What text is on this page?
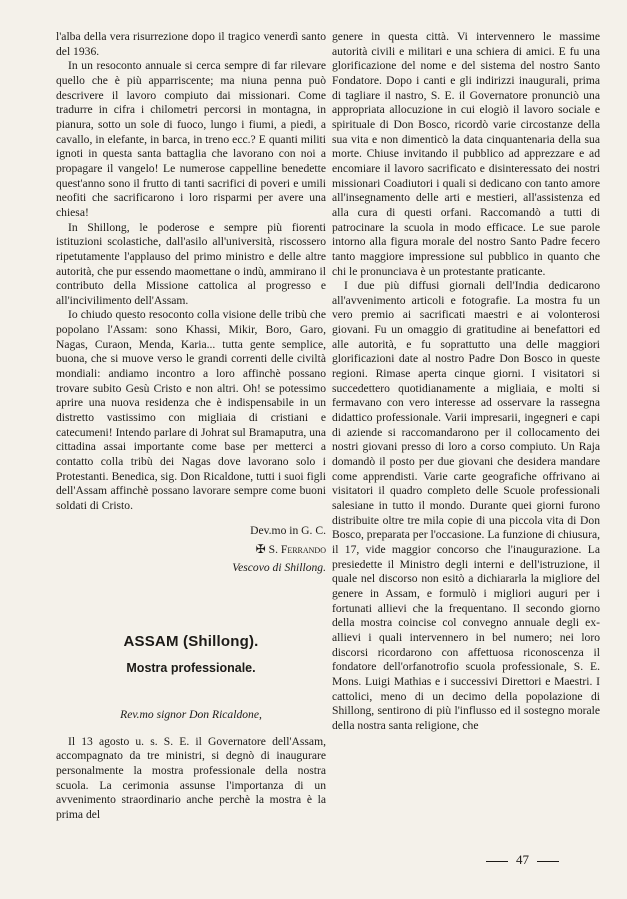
l'alba della vera risurrezione dopo il tragico venerdì santo del 1936.

In un resoconto annuale si cerca sempre di far rilevare quello che è più apparriscente; ma niuna penna può descrivere il lavoro compiuto dai missionari. Come tradurre in cifra i chilometri percorsi in montagna, in pianura, sotto un sole di fuoco, lungo i fiumi, a piedi, a cavallo, in elefante, in barca, in treno ecc.? E quanti militi ignoti in questa santa battaglia che lavorano con noi a propagare il vangelo! Le numerose cappelline benedette quest'anno sono il frutto di tanti sacrifici di poveri e umili neofiti che sacrificarono i loro risparmi per avere una chiesa!

In Shillong, le poderose e sempre più fiorenti istituzioni scolastiche, dall'asilo all'università, riscossero ripetutamente l'applauso del primo ministro e delle altre autorità, che pur essendo maomettane o indù, ammirano il contributo della Missione cattolica al progresso e all'incivilimento dell'Assam.

Io chiudo questo resoconto colla visione delle tribù che popolano l'Assam: sono Khassi, Mikir, Boro, Garo, Nagas, Curaon, Menda, Karia... tutta gente semplice, buona, che si muove verso le grandi correnti delle civiltà mondiali: andiamo incontro a loro affinchè possano trovare subito Gesù Cristo e non altri. Oh! se potessimo aprire una nuova residenza che è indispensabile in un distretto vastissimo con migliaia di cristiani e catecumeni! Intendo parlare di Johrat sul Bramaputra, una cittadina assai importante come base per metterci a contatto colla tribù dei Nagas dove lavorano solo i Protestanti. Benedica, sig. Don Ricaldone, tutti i suoi figli dell'Assam affinchè possano lavorare sempre come buoni soldati di Cristo.

Dev.mo in G. C.
✠ S. Ferrando
Vescovo di Shillong.
ASSAM (Shillong).
Mostra professionale.
Rev.mo signor Don Ricaldone,

Il 13 agosto u. s. S. E. il Governatore dell'Assam, accompagnato da tre ministri, si degnò di inaugurare personalmente la mostra professionale della nostra scuola. La cerimonia assunse l'importanza di un avvenimento straordinario anche perchè la mostra è la prima del

genere in questa città. Vi intervennero le massime autorità civili e militari e una schiera di amici. E fu una glorificazione del nome e del sistema del nostro Santo Fondatore. Dopo i canti e gli indirizzi inaugurali, prima di tagliare il nastro, S. E. il Governatore pronunciò una appropriata allocuzione in cui elogiò il lavoro sociale e spirituale di Don Bosco, ricordò varie circostanze della sua vita e non dimenticò la data cinquantenaria della sua morte. Chiuse invitando il pubblico ad apprezzare e ad encomiare il lavoro sacrificato e disinteressato dei nostri missionari Coadiutori i quali si dedicano con tanto amore all'insegnamento delle arti e mestieri, all'assistenza ed alla cura di questi orfani. Raccomandò a tutti di patrocinare la scuola in modo efficace. Le sue parole intorno alla figura morale del nostro Santo Padre fecero tanto maggiore impressione sul pubblico in quanto che chi le pronunciava è un protestante praticante.

I due più diffusi giornali dell'India dedicarono all'avvenimento articoli e fotografie. La mostra fu un vero premio ai sacrificati maestri e ai volonterosi giovani. Fu un omaggio di gratitudine ai benefattori ed alle autorità, e fu soprattutto una delle maggiori glorificazioni date al nostro Padre Don Bosco in queste regioni. Rimase aperta cinque giorni. I visitatori si succedettero quotidianamente a migliaia, e molti si fermavano con vero interesse ad osservare la rassegna didattico professionale. Varii impresarii, ingegneri e capi di aziende si raccomandarono per il collocamento dei nostri giovani presso di loro a corso compiuto. Un Raja domandò il posto per due giovani che desidera mandare come apprendisti. Varie carte geografiche offrivano ai visitatori il quadro completo delle Scuole professionali salesiane in tutto il mondo. Durante quei giorni furono distribuite oltre tre mila copie di una piccola vita di Don Bosco, preparata per l'occasione. La funzione di chiusura, il 17, vide maggior concorso che l'inaugurazione. La presiedette il Ministro degli interni e dell'istruzione, il quale nel discorso non esitò a dichiararla la migliore del genere in Assam, e formulò i migliori auguri per i fortunati allievi che la frequentano. Il secondo giorno della mostra coincise col convegno annuale degli ex-allievi i quali intervennero in bel numero; nei loro discorsi ricordarono con affettuosa riconoscenza il fondatore dell'orfanotrofio scuola professionale, S. E. Mons. Luigi Mathias e i successivi Direttori e Maestri. I cattolici, meno di un decimo della popolazione di Shillong, sentirono di più l'influsso ed il sostegno morale della nostra santa religione, che

47
